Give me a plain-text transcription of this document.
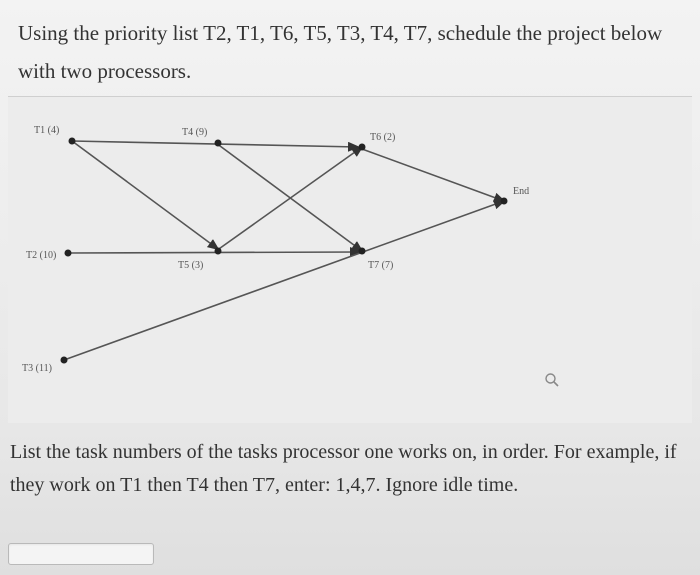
Using the priority list T2, T1, T6, T5, T3, T4, T7, schedule the project below with two processors.
T1 (4)
T2 (10)
T3 (11)
T4 (9)
T5 (3)
T6 (2)
T7 (7)
End
List the task numbers of the tasks processor one works on, in order. For example, if they work on T1 then T4 then T7, enter: 1,4,7. Ignore idle time.
